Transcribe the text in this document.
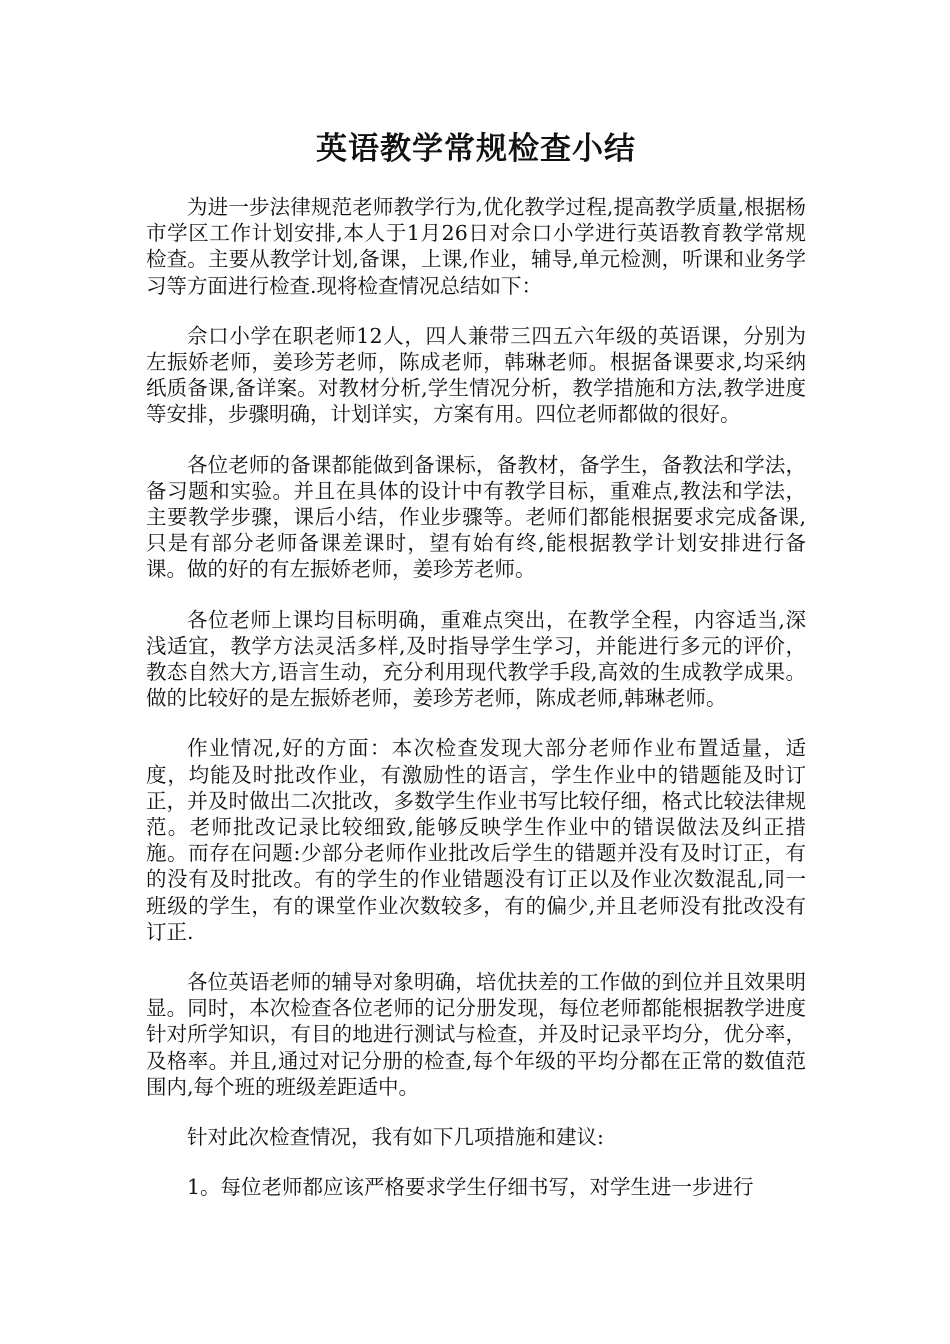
英语教学常规检查小结

为进一步法律规范老师教学行为,优化教学过程,提高教学质量,根据杨市学区工作计划安排,本人于1月26日对佘口小学进行英语教育教学常规检查。主要从教学计划,备课，上课,作业，辅导,单元检测，听课和业务学习等方面进行检查.现将检查情况总结如下：

佘口小学在职老师12人，四人兼带三四五六年级的英语课，分别为左振娇老师，姜珍芳老师，陈成老师，韩琳老师。根据备课要求,均采纳纸质备课,备详案。对教材分析,学生情况分析，教学措施和方法,教学进度等安排，步骤明确，计划详实，方案有用。四位老师都做的很好。

各位老师的备课都能做到备课标，备教材，备学生，备教法和学法，备习题和实验。并且在具体的设计中有教学目标，重难点,教法和学法，主要教学步骤，课后小结，作业步骤等。老师们都能根据要求完成备课,只是有部分老师备课差课时，望有始有终,能根据教学计划安排进行备课。做的好的有左振娇老师，姜珍芳老师。

各位老师上课均目标明确，重难点突出，在教学全程，内容适当,深浅适宜，教学方法灵活多样,及时指导学生学习，并能进行多元的评价，教态自然大方,语言生动，充分利用现代教学手段,高效的生成教学成果。做的比较好的是左振娇老师，姜珍芳老师，陈成老师,韩琳老师。

作业情况,好的方面：本次检查发现大部分老师作业布置适量，适度，均能及时批改作业，有激励性的语言，学生作业中的错题能及时订正，并及时做出二次批改，多数学生作业书写比较仔细，格式比较法律规范。老师批改记录比较细致,能够反映学生作业中的错误做法及纠正措施。而存在问题:少部分老师作业批改后学生的错题并没有及时订正，有的没有及时批改。有的学生的作业错题没有订正以及作业次数混乱,同一班级的学生，有的课堂作业次数较多，有的偏少,并且老师没有批改没有订正.

各位英语老师的辅导对象明确，培优扶差的工作做的到位并且效果明显。同时，本次检查各位老师的记分册发现，每位老师都能根据教学进度针对所学知识，有目的地进行测试与检查，并及时记录平均分，优分率，及格率。并且,通过对记分册的检查,每个年级的平均分都在正常的数值范围内,每个班的班级差距适中。

针对此次检查情况，我有如下几项措施和建议:

1。每位老师都应该严格要求学生仔细书写，对学生进一步进行
